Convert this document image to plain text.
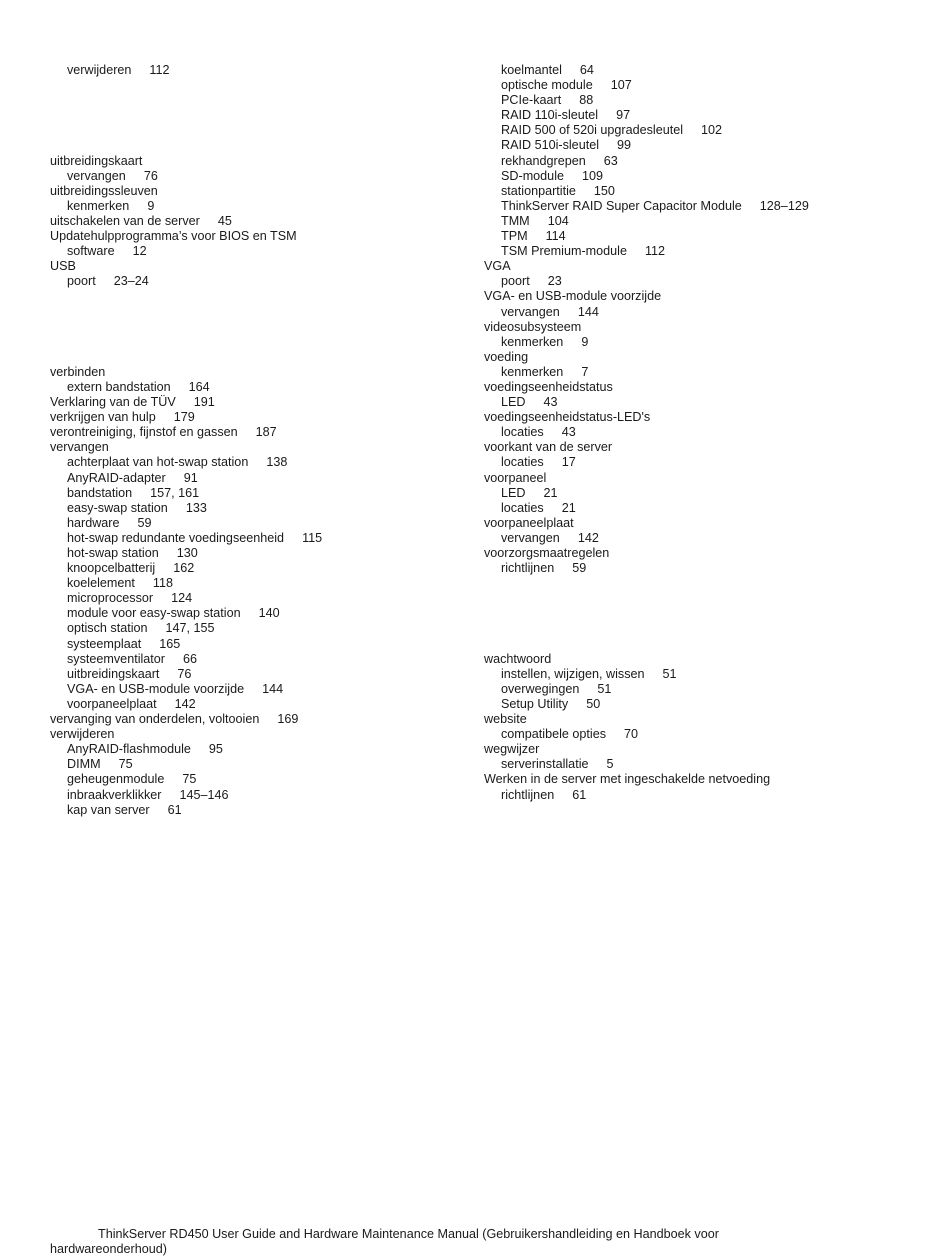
verwijderen 112
uitbreidingskaart
vervangen 76
uitbreidingssleuven
kenmerken 9
uitschakelen van de server 45
Updatehulpprogramma’s voor BIOS en TSM
software 12
USB
poort 23–24
verbinden
extern bandstation 164
Verklaring van de TÜV 191
verkrijgen van hulp 179
verontreiniging, fijnstof en gassen 187
vervangen
achterplaat van hot-swap station 138
AnyRAID-adapter 91
bandstation 157, 161
easy-swap station 133
hardware 59
hot-swap redundante voedingseenheid 115
hot-swap station 130
knoopcelbatterij 162
koelelement 118
microprocessor 124
module voor easy-swap station 140
optisch station 147, 155
systeemplaat 165
systeemventilator 66
uitbreidingskaart 76
VGA- en USB-module voorzijde 144
voorpaneelplaat 142
vervanging van onderdelen, voltooien 169
verwijderen
AnyRAID-flashmodule 95
DIMM 75
geheugenmodule 75
inbraakverklikker 145–146
kap van server 61
koelmantel 64
optische module 107
PCIe-kaart 88
RAID 110i-sleutel 97
RAID 500 of 520i upgradesleutel 102
RAID 510i-sleutel 99
rekhandgrepen 63
SD-module 109
stationpartitie 150
ThinkServer RAID Super Capacitor Module 128–129
TMM 104
TPM 114
TSM Premium-module 112
VGA
poort 23
VGA- en USB-module voorzijde
vervangen 144
videosubsysteem
kenmerken 9
voeding
kenmerken 7
voedingseenheidstatus
LED 43
voedingseenheidstatus-LED's
locaties 43
voorkant van de server
locaties 17
voorpaneel
LED 21
locaties 21
voorpaneelplaat
vervangen 142
voorzorgsmaatregelen
richtlijnen 59
wachtwoord
instellen, wijzigen, wissen 51
overwegingen 51
Setup Utility 50
website
compatibele opties 70
wegwijzer
serverinstallatie 5
Werken in de server met ingeschakelde netvoeding
richtlijnen 61
ThinkServer RD450 User Guide and Hardware Maintenance Manual (Gebruikershandleiding en Handboek voor hardwareonderhoud)
